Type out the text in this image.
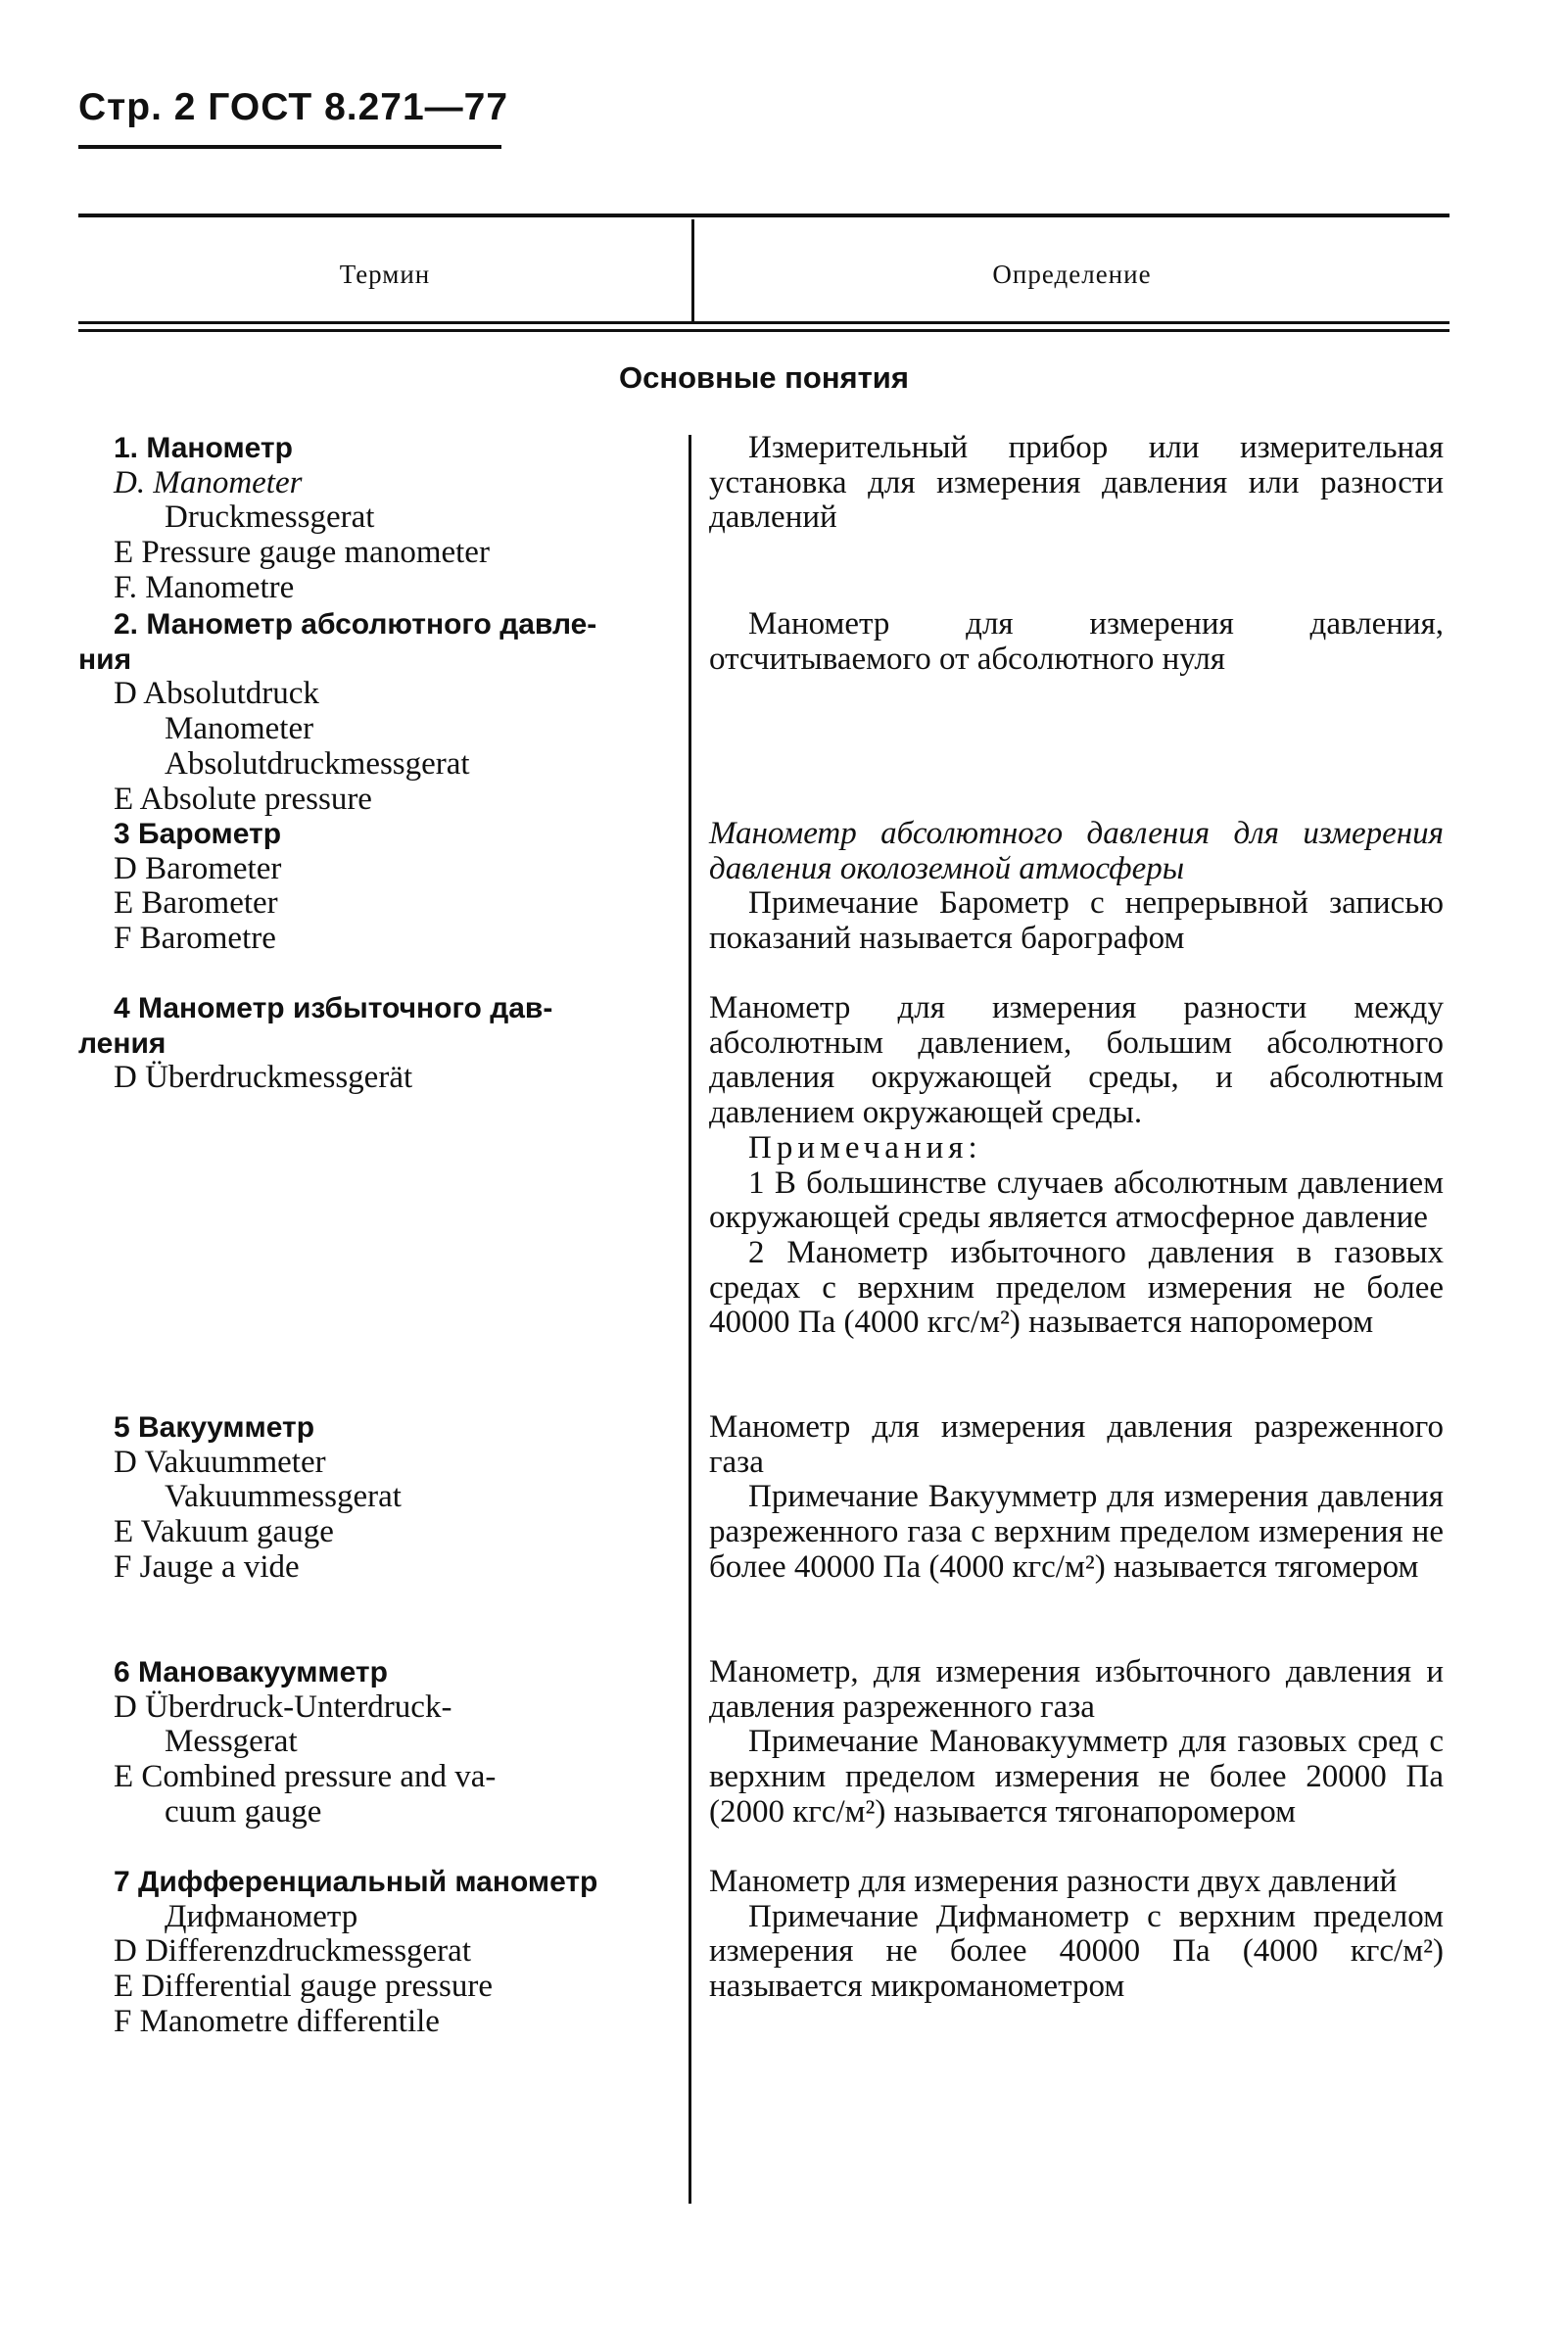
Стр. 2 ГОСТ 8.271—77
Термин	Определение
Основные понятия
1. Манометр
D. Manometer
Druckmessgerat
E Pressure gauge manometer
F. Manometre
Измерительный прибор или измерительная установка для измерения давления или разности давлений
2. Манометр абсолютного давле-
ния
D Absolutdruck
Manometer
Absolutdruckmessgerat
E Absolute pressure
Манометр для измерения давления, отсчитываемого от абсолютного нуля
3 Барометр
D Barometer
E Barometer
F Barometre
Манометр абсолютного давления для измерения давления околоземной атмосферы
Примечание Барометр с непрерывной записью показаний называется барографом
4 Манометр избыточного дав-
ления
D Überdruckmessgerät
Манометр для измерения разности между абсолютным давлением, большим абсолютного давления окружающей среды, и абсолютным давлением окружающей среды.
Примечания:
1 В большинстве случаев абсолютным давлением окружающей среды является атмосферное давление
2 Манометр избыточного давления в газовых средах с верхним пределом измерения не более 40000 Па (4000 кгс/м²) называется напоромером
5 Вакуумметр
D Vakuummeter
Vakuummessgerat
E Vakuum gauge
F Jauge a vide
Манометр для измерения давления разреженного газа
Примечание Вакуумметр для измерения давления разреженного газа с верхним пределом измерения не более 40000 Па (4000 кгс/м²) называется тягомером
6 Мановакуумметр
D Überdruck-Unterdruck-
Messgerat
E Combined pressure and va-
cuum gauge
Манометр, для измерения избыточного давления и давления разреженного газа
Примечание Мановакуумметр для газовых сред с верхним пределом измерения не более 20000 Па (2000 кгс/м²) называется тягонапоромером
7 Дифференциальный манометр
Дифманометр
D Differenzdruckmessgerat
E Differential gauge pressure
F Manometre differentile
Манометр для измерения разности двух давлений
Примечание Дифманометр с верхним пределом измерения не более 40000 Па (4000 кгс/м²) называется микроманометром
